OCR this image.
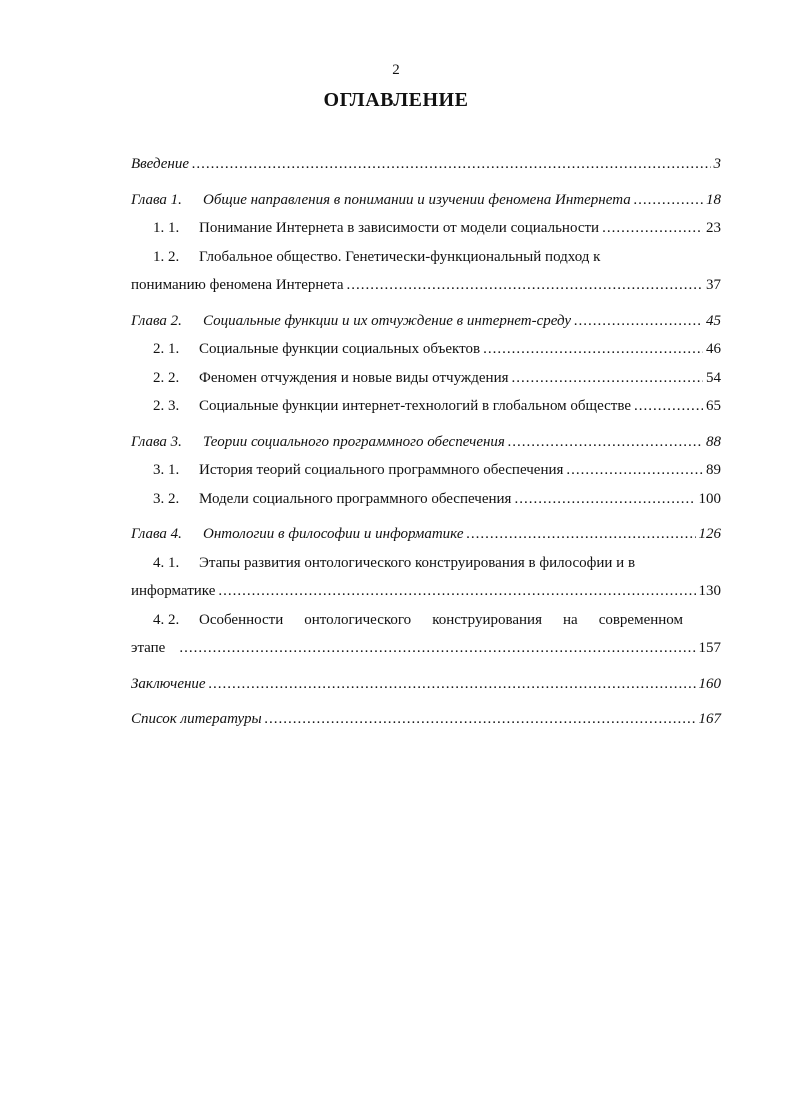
2
ОГЛАВЛЕНИЕ
Введение .....	3
Глава 1. Общие направления в понимании и изучении феномена Интернета .....	18
1. 1. Понимание Интернета в зависимости от модели социальности .....	23
1. 2. Глобальное общество. Генетически-функциональный подход к
пониманию феномена Интернета .....	37
Глава 2. Социальные функции и их отчуждение в интернет-среду .....	45
2. 1. Социальные функции социальных объектов .....	46
2. 2. Феномен отчуждения и новые виды отчуждения .....	54
2. 3. Социальные функции интернет-технологий в глобальном обществе .....	65
Глава 3. Теории социального программного обеспечения .....	88
3. 1. История теорий социального программного обеспечения .....	89
3. 2. Модели социального программного обеспечения .....	100
Глава 4. Онтологии в философии и информатике .....	126
4. 1. Этапы развития онтологического конструирования в философии и в
информатике .....	130
4. 2. Особенности онтологического конструирования на современном
этапе .....	157
Заключение .....	160
Список литературы .....	167
